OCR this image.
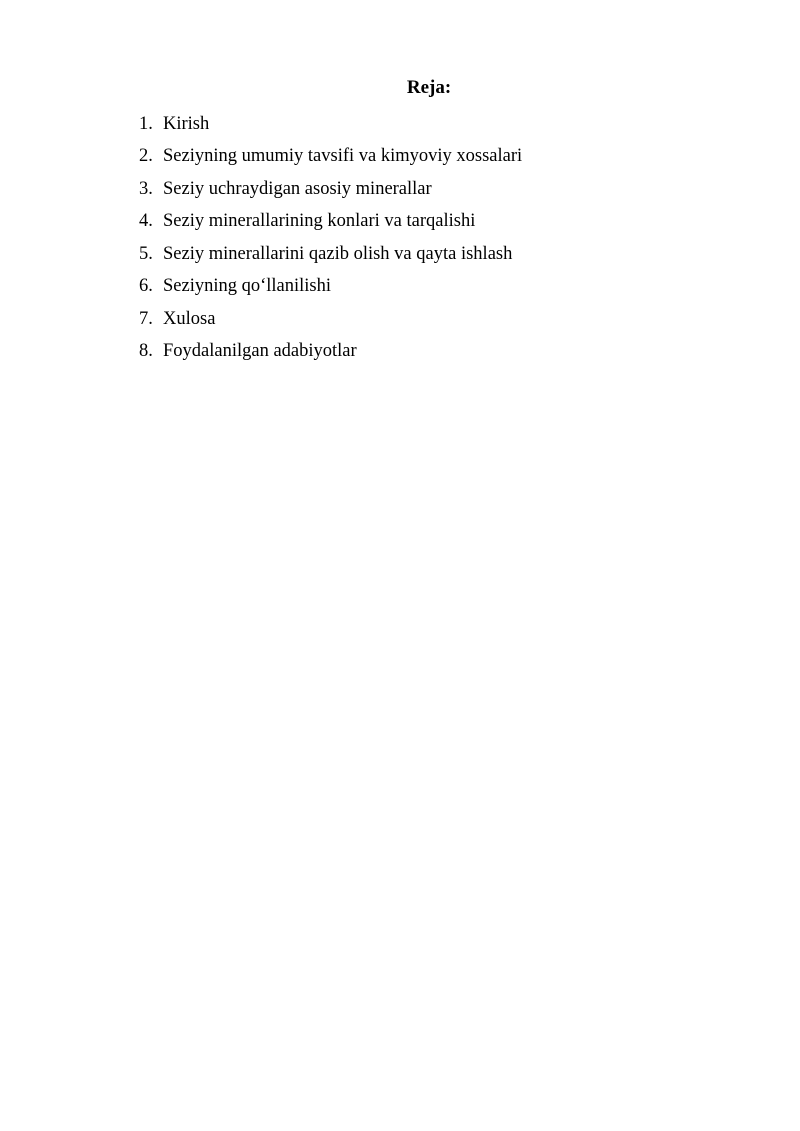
Reja:
1. Kirish
2. Seziyning umumiy tavsifi va kimyoviy xossalari
3. Seziy uchraydigan asosiy minerallar
4. Seziy minerallarining konlari va tarqalishi
5. Seziy minerallarini qazib olish va qayta ishlash
6. Seziyning qo‘llanilishi
7. Xulosa
8. Foydalanilgan adabiyotlar
